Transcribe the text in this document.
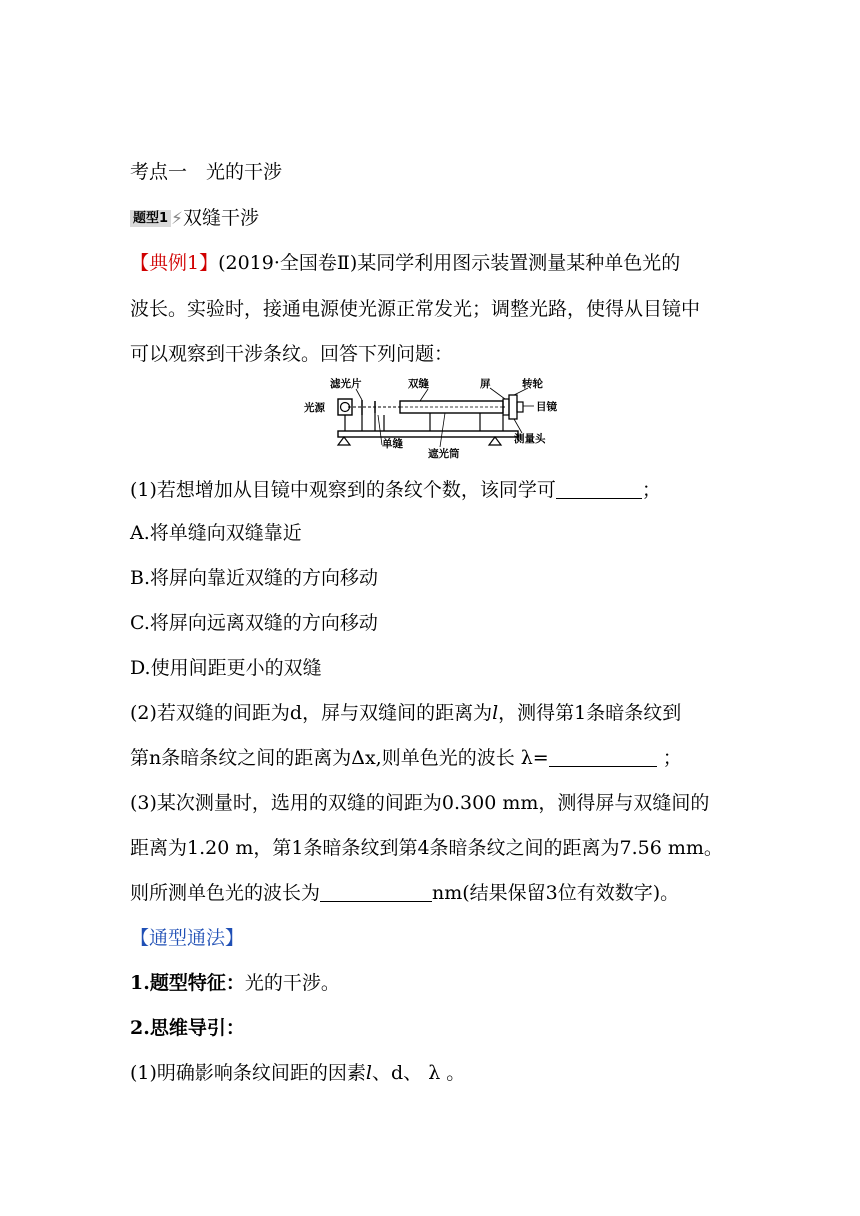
考点一　光的干涉
题型1 ⚡双缝干涉
【典例1】(2019·全国卷Ⅱ)某同学利用图示装置测量某种单色光的
波长。实验时，接通电源使光源正常发光；调整光路，使得从目镜中
可以观察到干涉条纹。回答下列问题：
滤光片	双缝	屏	转轮
光源	目镜
单缝
遮光筒
测量头
(1)若想增加从目镜中观察到的条纹个数，该同学可	；
A.将单缝向双缝靠近
B.将屏向靠近双缝的方向移动
C.将屏向远离双缝的方向移动
D.使用间距更小的双缝
(2)若双缝的间距为d，屏与双缝间的距离为l，测得第1条暗条纹到
第n条暗条纹之间的距离为Δx,则单色光的波长 λ=	；
(3)某次测量时，选用的双缝的间距为0.300 mm，测得屏与双缝间的
距离为1.20 m，第1条暗条纹到第4条暗条纹之间的距离为7.56 mm。
则所测单色光的波长为	nm(结果保留3位有效数字)。
【通型通法】
1.题型特征：光的干涉。
2.思维导引：
(1)明确影响条纹间距的因素l、d、 λ 。
